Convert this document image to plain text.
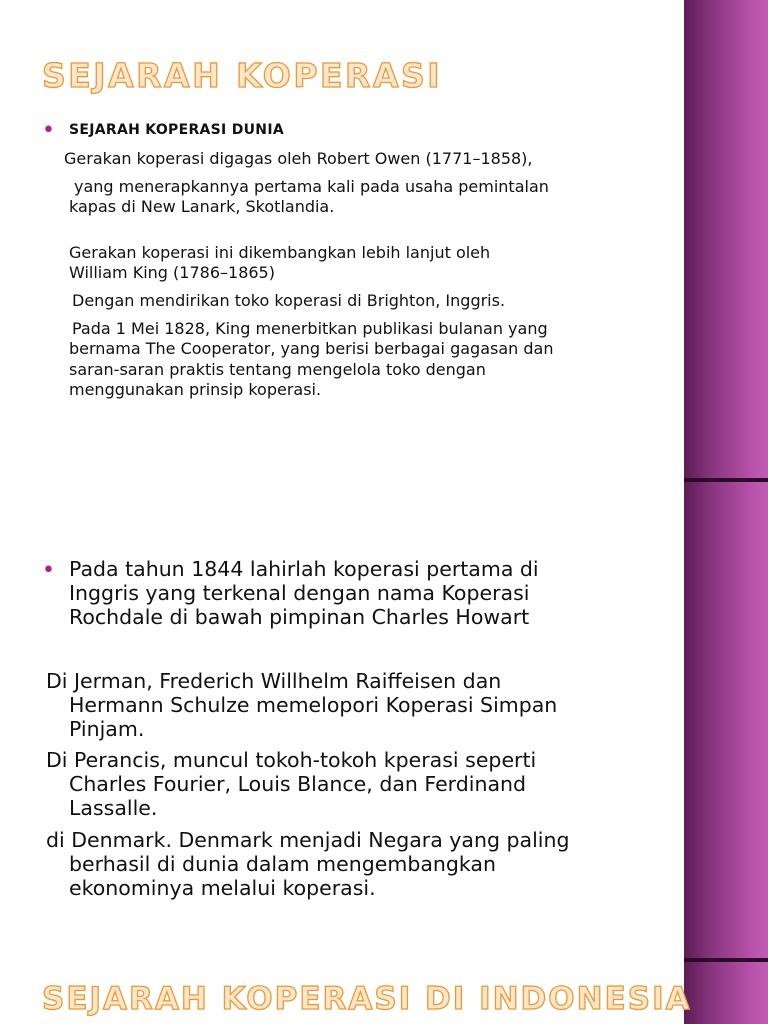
SEJARAH KOPERASI
• SEJARAH KOPERASI DUNIA

Gerakan koperasi digagas oleh Robert Owen (1771–1858),

yang menerapkannya pertama kali pada usaha pemintalan

kapas di New Lanark, Skotlandia.

Gerakan koperasi ini dikembangkan lebih lanjut oleh

William King (1786–1865)

Dengan mendirikan toko koperasi di Brighton, Inggris.

Pada 1 Mei 1828, King menerbitkan publikasi bulanan yang

bernama The Cooperator, yang berisi berbagai gagasan dan

saran-saran praktis tentang mengelola toko dengan

menggunakan prinsip koperasi.

• Pada tahun 1844 lahirlah koperasi pertama di

Inggris yang terkenal dengan nama Koperasi

Rochdale di bawah pimpinan Charles Howart

Di Jerman, Frederich Willhelm Raiffeisen dan

Hermann Schulze memelopori Koperasi Simpan

Pinjam.

Di Perancis, muncul tokoh-tokoh kperasi seperti

Charles Fourier, Louis Blance, dan Ferdinand

Lassalle.

di Denmark. Denmark menjadi Negara yang paling

berhasil di dunia dalam mengembangkan

ekonominya melalui koperasi.

SEJARAH KOPERASI DI INDONESIA
